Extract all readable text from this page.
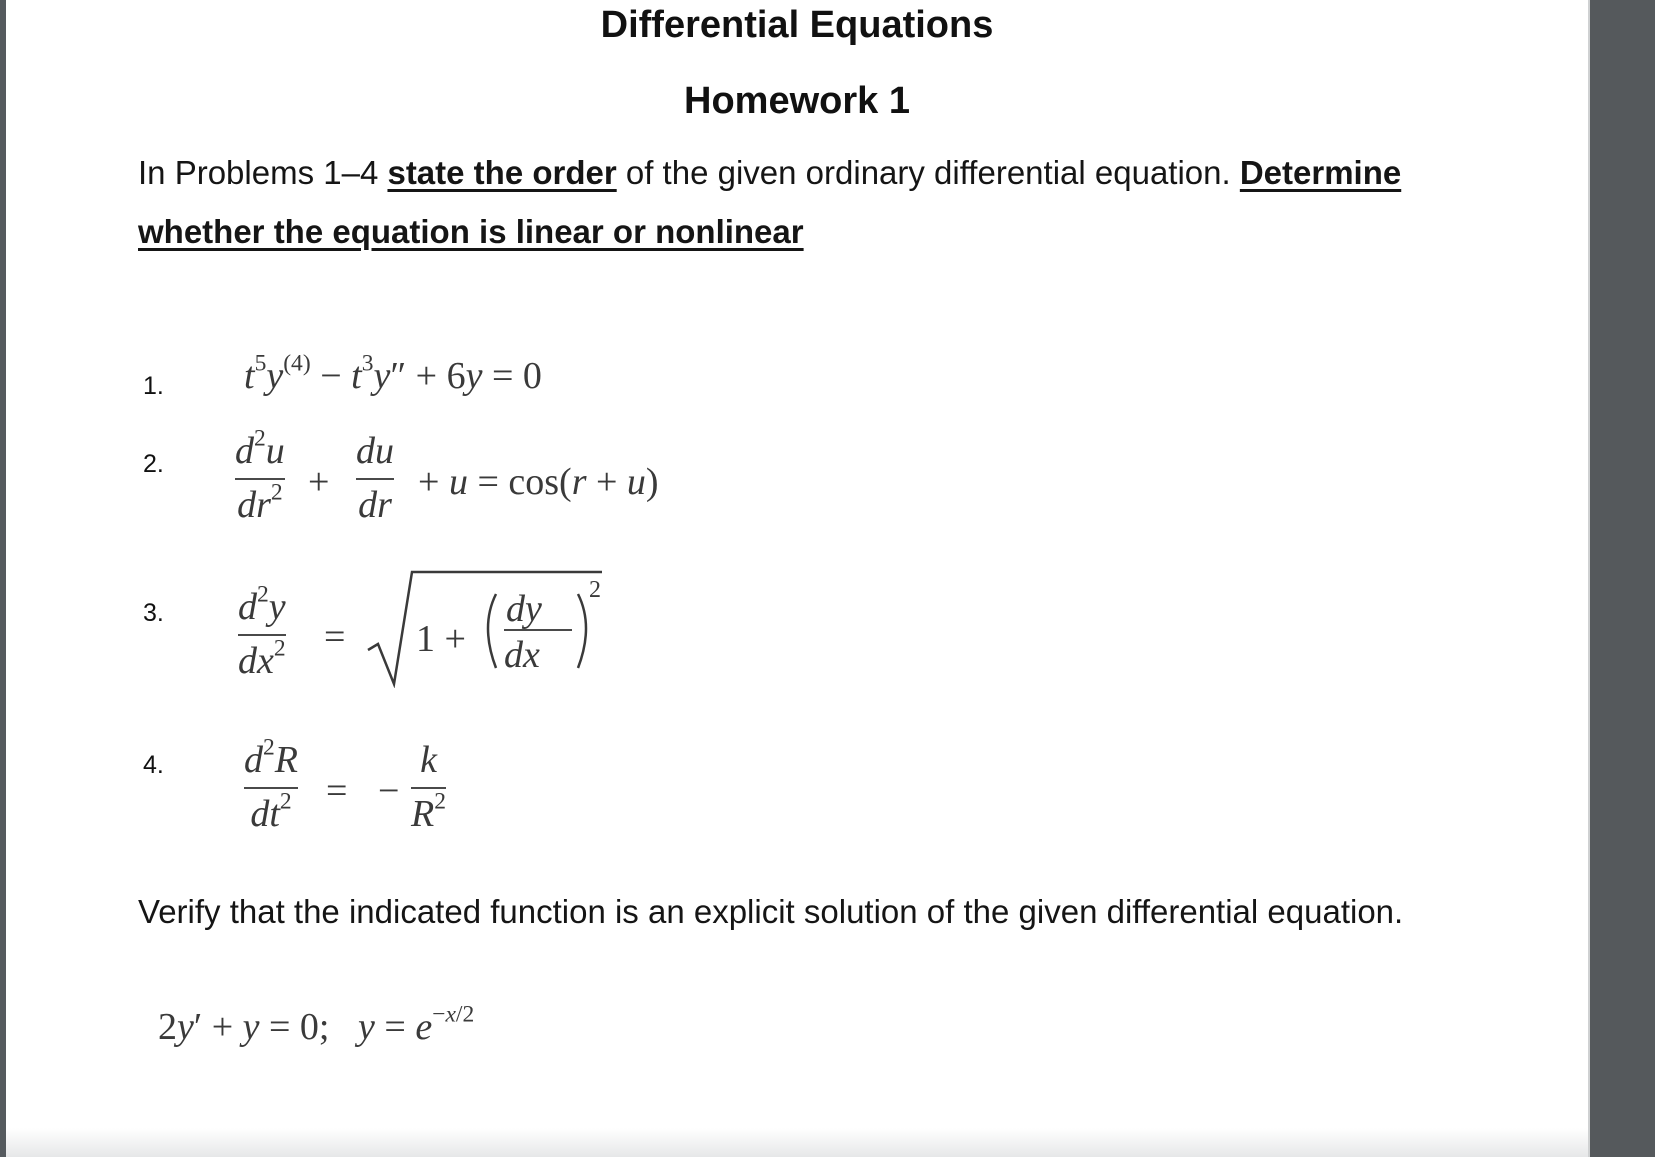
Differential Equations
Homework 1

In Problems 1–4 state the order of the given ordinary differential equation. Determine

whether the equation is linear or nonlinear

1. $t^5y^{(4)} - t^3y'' + 6y = 0$
2. $d^2u$
$dr^2$ +
du
dr
+ u = cos(r + u)
3. $d^2y$
$dx^2 = 1$ +
dy
dx
2
4. $d^2R$
$dt^2$ = −
k
$R^2$

Verify that the indicated function is an explicit solution of the given differential equation.

2y′ + y = 0;   $y = e^{-x/2}$
